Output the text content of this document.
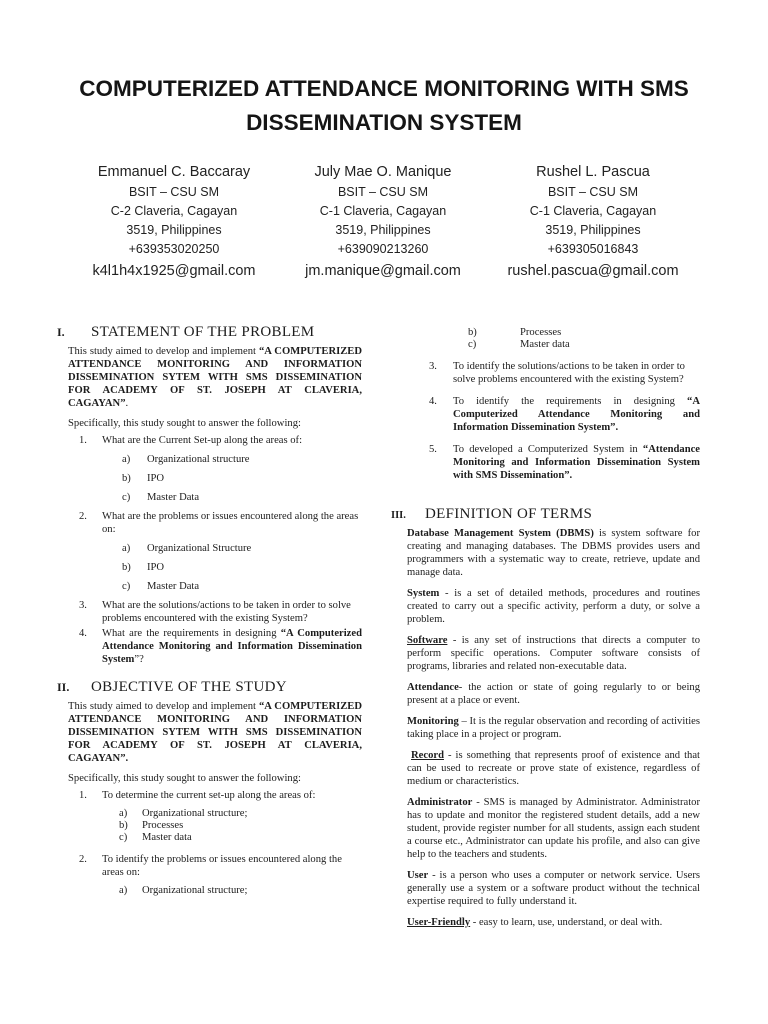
COMPUTERIZED ATTENDANCE MONITORING WITH SMS
DISSEMINATION SYSTEM
Emmanuel C. Baccaray
BSIT – CSU SM
C-2 Claveria, Cagayan
3519, Philippines
+639353020250
k4l1h4x1925@gmail.com
July Mae O. Manique
BSIT – CSU SM
C-1 Claveria, Cagayan
3519, Philippines
+639090213260
jm.manique@gmail.com
Rushel L. Pascua
BSIT – CSU SM
C-1 Claveria, Cagayan
3519, Philippines
+639305016843
rushel.pascua@gmail.com
I.	STATEMENT OF THE PROBLEM

This study aimed to develop and implement “A COMPUTERIZED ATTENDANCE MONITORING AND INFORMATION DISSEMINATION SYTEM WITH SMS DISSEMINATION FOR ACADEMY OF ST. JOSEPH AT CLAVERIA, CAGAYAN”.

Specifically, this study sought to answer the following:

1. What are the Current Set-up along the areas of:
a) Organizational structure
b) IPO
c) Master Data
2. What are the problems or issues encountered along the areas on:
a) Organizational Structure
b) IPO
c) Master Data
3. What are the solutions/actions to be taken in order to solve problems encountered with the existing System?
4. What are the requirements in designing “A Computerized Attendance Monitoring and Information Dissemination System”?
II.	OBJECTIVE OF THE STUDY

This study aimed to develop and implement “A COMPUTERIZED ATTENDANCE MONITORING AND INFORMATION DISSEMINATION SYTEM WITH SMS DISSEMINATION FOR ACADEMY OF ST. JOSEPH AT CLAVERIA, CAGAYAN”.

Specifically, this study sought to answer the following:

1. To determine the current set-up along the areas of:
a) Organizational structure;
b) Processes
c) Master data
2. To identify the problems or issues encountered along the areas on:
a) Organizational structure;
b)	Processes
c)	Master data
3. To identify the solutions/actions to be taken in order to solve problems encountered with the existing System?
4. To identify the requirements in designing “A Computerized Attendance Monitoring and Information Dissemination System”.
5. To developed a Computerized System in “Attendance Monitoring and Information Dissemination System with SMS Dissemination”.
III.	DEFINITION OF TERMS

Database Management System (DBMS) is system software for creating and managing databases. The DBMS provides users and programmers with a systematic way to create, retrieve, update and manage data.

System - is a set of detailed methods, procedures and routines created to carry out a specific activity, perform a duty, or solve a problem.

Software - is any set of instructions that directs a computer to perform specific operations. Computer software consists of programs, libraries and related non-executable data.

Attendance- the action or state of going regularly to or being present at a place or event.

Monitoring – It is the regular observation and recording of activities taking place in a project or program.

Record - is something that represents proof of existence and that can be used to recreate or prove state of existence, regardless of medium or characteristics.

Administrator - SMS is managed by Administrator. Administrator has to update and monitor the registered student details, add a new student, provide register number for all students, assign each student a course etc., Administrator can update his profile, and also can give help to the teachers and students.

User - is a person who uses a computer or network service. Users generally use a system or a software product without the technical expertise required to fully understand it.

User-Friendly - easy to learn, use, understand, or deal with.
